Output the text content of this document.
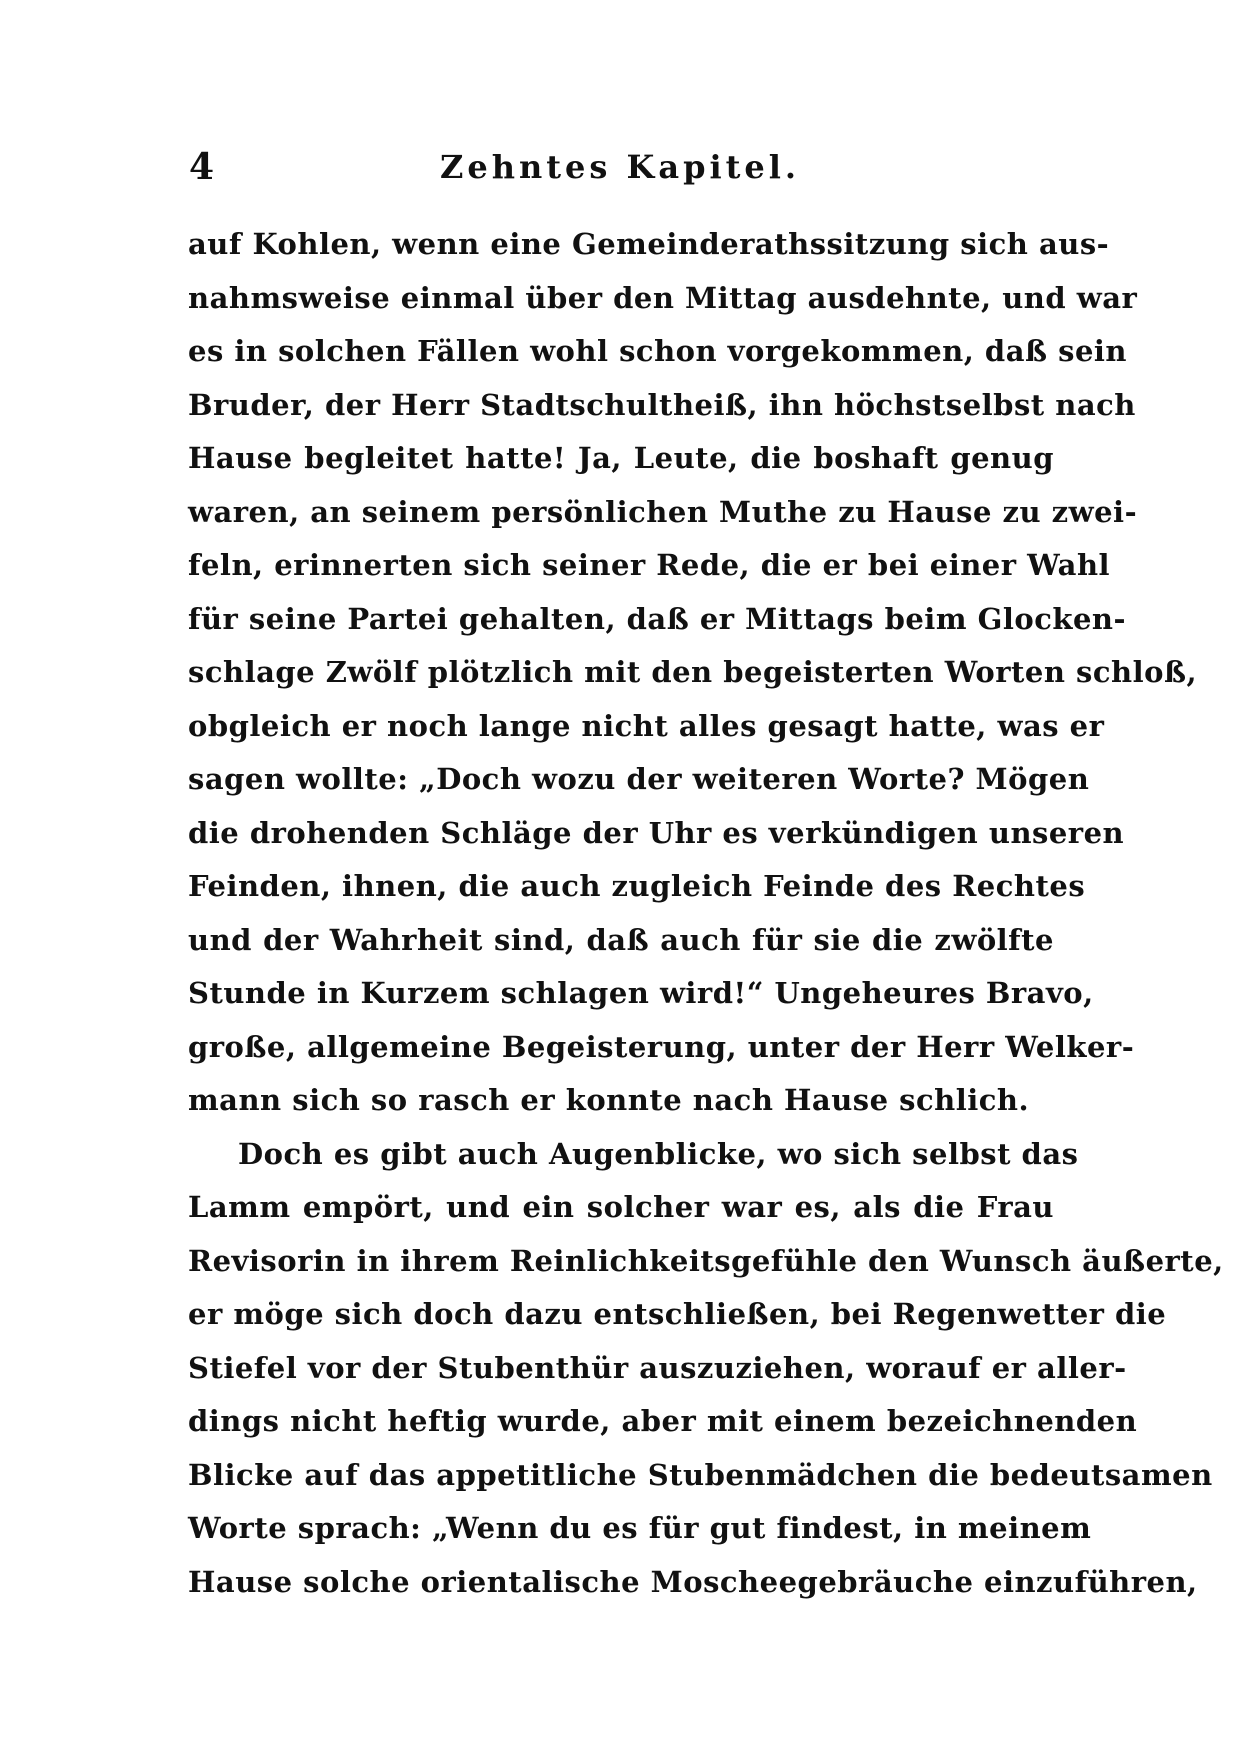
4	Zehntes Kapitel.
auf Kohlen, wenn eine Gemeinderathssitzung sich aus-
nahmsweise einmal über den Mittag ausdehnte, und war
es in solchen Fällen wohl schon vorgekommen, daß sein
Bruder, der Herr Stadtschultheiß, ihn höchstselbst nach
Hause begleitet hatte! Ja, Leute, die boshaft genug
waren, an seinem persönlichen Muthe zu Hause zu zwei-
feln, erinnerten sich seiner Rede, die er bei einer Wahl
für seine Partei gehalten, daß er Mittags beim Glocken-
schlage Zwölf plötzlich mit den begeisterten Worten schloß,
obgleich er noch lange nicht alles gesagt hatte, was er
sagen wollte: „Doch wozu der weiteren Worte? Mögen
die drohenden Schläge der Uhr es verkündigen unseren
Feinden, ihnen, die auch zugleich Feinde des Rechtes
und der Wahrheit sind, daß auch für sie die zwölfte
Stunde in Kurzem schlagen wird!“ Ungeheures Bravo,
große, allgemeine Begeisterung, unter der Herr Welker-
mann sich so rasch er konnte nach Hause schlich.
Doch es gibt auch Augenblicke, wo sich selbst das
Lamm empört, und ein solcher war es, als die Frau
Revisorin in ihrem Reinlichkeitsgefühle den Wunsch äußerte,
er möge sich doch dazu entschließen, bei Regenwetter die
Stiefel vor der Stubenthür auszuziehen, worauf er aller-
dings nicht heftig wurde, aber mit einem bezeichnenden
Blicke auf das appetitliche Stubenmädchen die bedeutsamen
Worte sprach: „Wenn du es für gut findest, in meinem
Hause solche orientalische Moscheegebräuche einzuführen,
